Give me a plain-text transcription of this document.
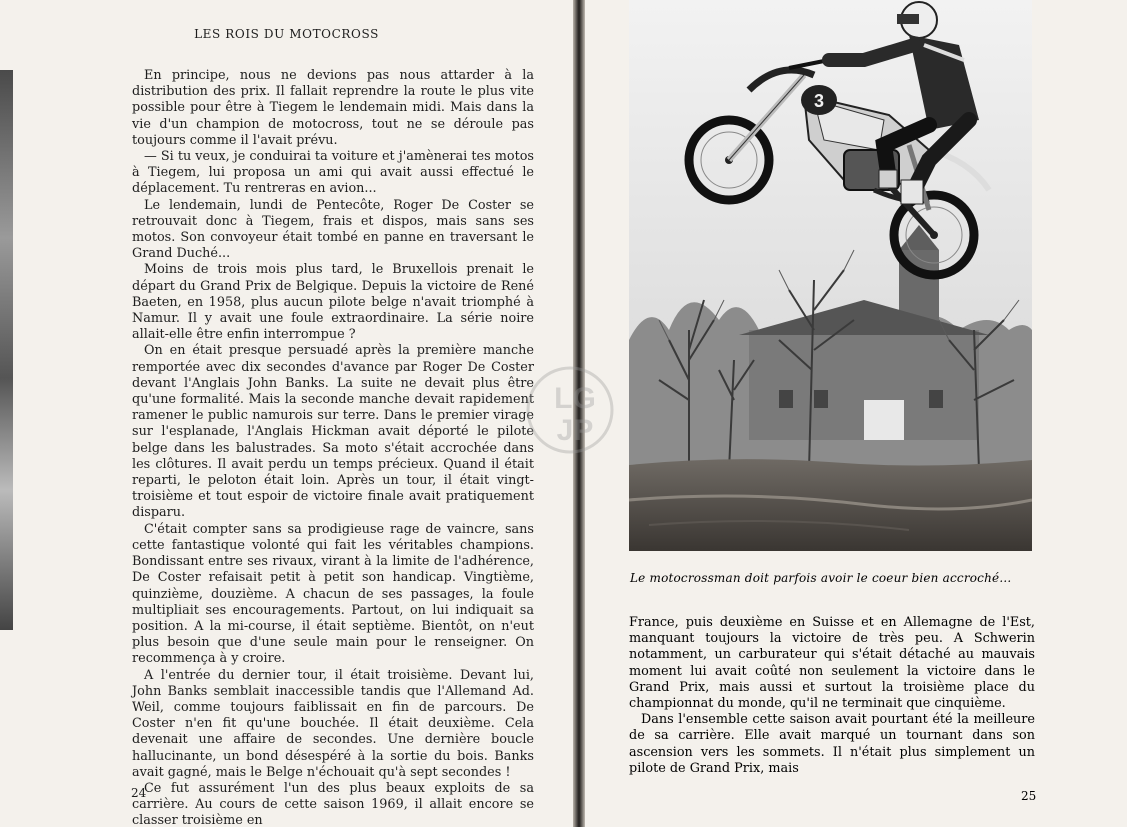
LES ROIS DU MOTOCROSS

En principe, nous ne devions pas nous attarder à la distribution des prix. Il fallait reprendre la route le plus vite possible pour être à Tiegem le lendemain midi. Mais dans la vie d'un champion de motocross, tout ne se déroule pas toujours comme il l'avait prévu.

— Si tu veux, je conduirai ta voiture et j'amènerai tes motos à Tiegem, lui proposa un ami qui avait aussi effectué le déplacement. Tu rentreras en avion...

Le lendemain, lundi de Pentecôte, Roger De Coster se retrouvait donc à Tiegem, frais et dispos, mais sans ses motos. Son convoyeur était tombé en panne en traversant le Grand Duché...

Moins de trois mois plus tard, le Bruxellois prenait le départ du Grand Prix de Belgique. Depuis la victoire de René Baeten, en 1958, plus aucun pilote belge n'avait triomphé à Namur. Il y avait une foule extraordinaire. La série noire allait-elle être enfin interrompue ?

On en était presque persuadé après la première manche remportée avec dix secondes d'avance par Roger De Coster devant l'Anglais John Banks. La suite ne devait plus être qu'une formalité. Mais la seconde manche devait rapidement ramener le public namurois sur terre. Dans le premier virage sur l'esplanade, l'Anglais Hickman avait déporté le pilote belge dans les balustrades. Sa moto s'était accrochée dans les clôtures. Il avait perdu un temps précieux. Quand il était reparti, le peloton était loin. Après un tour, il était vingt-troisième et tout espoir de victoire finale avait pratiquement disparu.

C'était compter sans sa prodigieuse rage de vaincre, sans cette fantastique volonté qui fait les véritables champions. Bondissant entre ses rivaux, virant à la limite de l'adhérence, De Coster refaisait petit à petit son handicap. Vingtième, quinzième, douzième. A chacun de ses passages, la foule multipliait ses encouragements. Partout, on lui indiquait sa position. A la mi-course, il était septième. Bientôt, on n'eut plus besoin que d'une seule main pour le renseigner. On recommença à y croire.

A l'entrée du dernier tour, il était troisième. Devant lui, John Banks semblait inaccessible tandis que l'Allemand Ad. Weil, comme toujours faiblissait en fin de parcours. De Coster n'en fit qu'une bouchée. Il était deuxième. Cela devenait une affaire de secondes. Une dernière boucle hallucinante, un bond désespéré à la sortie du bois. Banks avait gagné, mais le Belge n'échouait qu'à sept secondes !

Ce fut assurément l'un des plus beaux exploits de sa carrière. Au cours de cette saison 1969, il allait encore se classer troisième en

24
3
Le motocrossman doit parfois avoir le coeur bien accroché...

France, puis deuxième en Suisse et en Allemagne de l'Est, manquant toujours la victoire de très peu. A Schwerin notamment, un carburateur qui s'était détaché au mauvais moment lui avait coûté non seulement la victoire dans le Grand Prix, mais aussi et surtout la troisième place du championnat du monde, qu'il ne terminait que cinquième.

Dans l'ensemble cette saison avait pourtant été la meilleure de sa carrière. Elle avait marqué un tournant dans son ascension vers les sommets. Il n'était plus simplement un pilote de Grand Prix, mais

25
LG
JP
